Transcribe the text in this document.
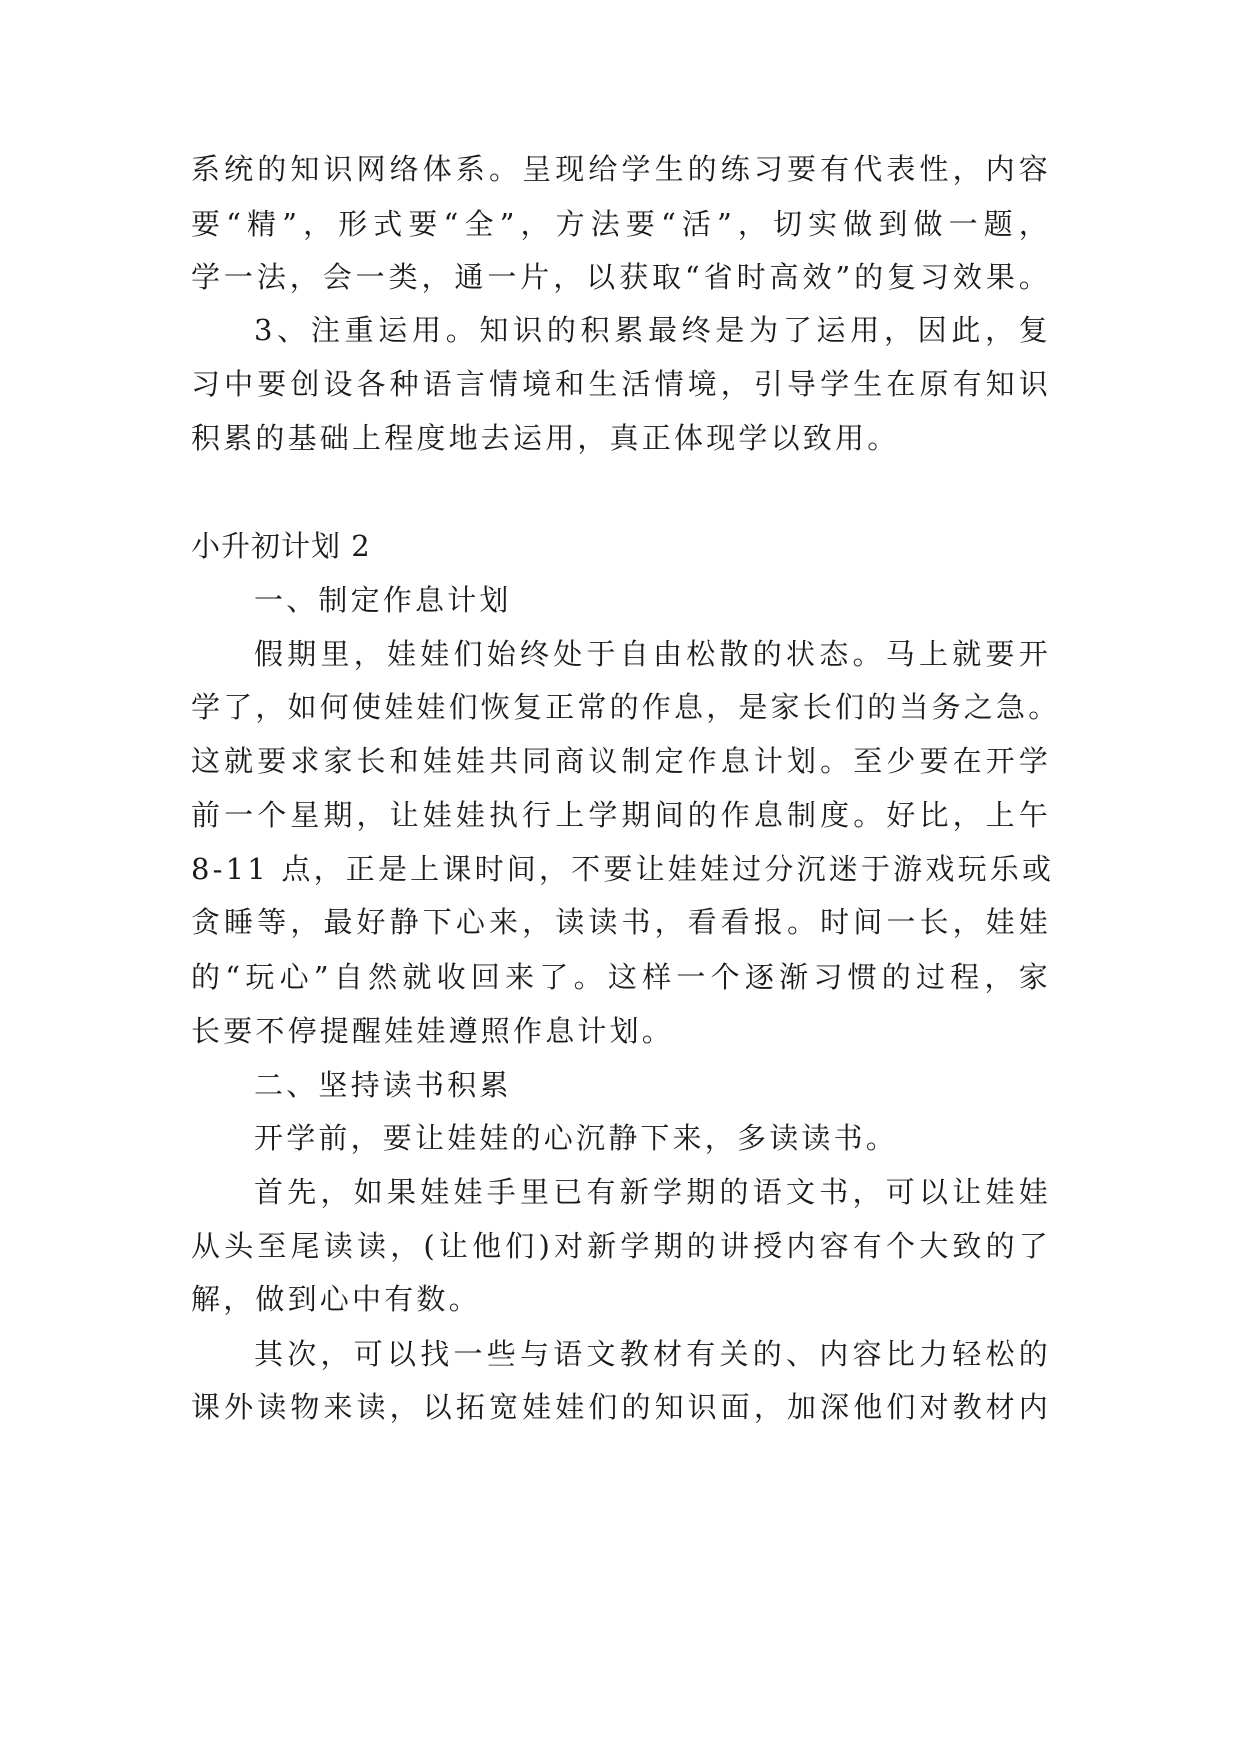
系统的知识网络体系。呈现给学生的练习要有代表性，内容
要“精”，形式要“全”，方法要“活”，切实做到做一题，
学一法，会一类，通一片，以获取“省时高效”的复习效果。
3、注重运用。知识的积累最终是为了运用，因此，复
习中要创设各种语言情境和生活情境，引导学生在原有知识
积累的基础上程度地去运用，真正体现学以致用。
小升初计划 2
一、制定作息计划
假期里，娃娃们始终处于自由松散的状态。马上就要开
学了，如何使娃娃们恢复正常的作息，是家长们的当务之急。
这就要求家长和娃娃共同商议制定作息计划。至少要在开学
前一个星期，让娃娃执行上学期间的作息制度。好比，上午
8-11 点，正是上课时间，不要让娃娃过分沉迷于游戏玩乐或
贪睡等，最好静下心来，读读书，看看报。时间一长，娃娃
的“玩心”自然就收回来了。这样一个逐渐习惯的过程，家
长要不停提醒娃娃遵照作息计划。
二、坚持读书积累
开学前，要让娃娃的心沉静下来，多读读书。
首先，如果娃娃手里已有新学期的语文书，可以让娃娃
从头至尾读读，(让他们)对新学期的讲授内容有个大致的了
解，做到心中有数。
其次，可以找一些与语文教材有关的、内容比力轻松的
课外读物来读，以拓宽娃娃们的知识面，加深他们对教材内
